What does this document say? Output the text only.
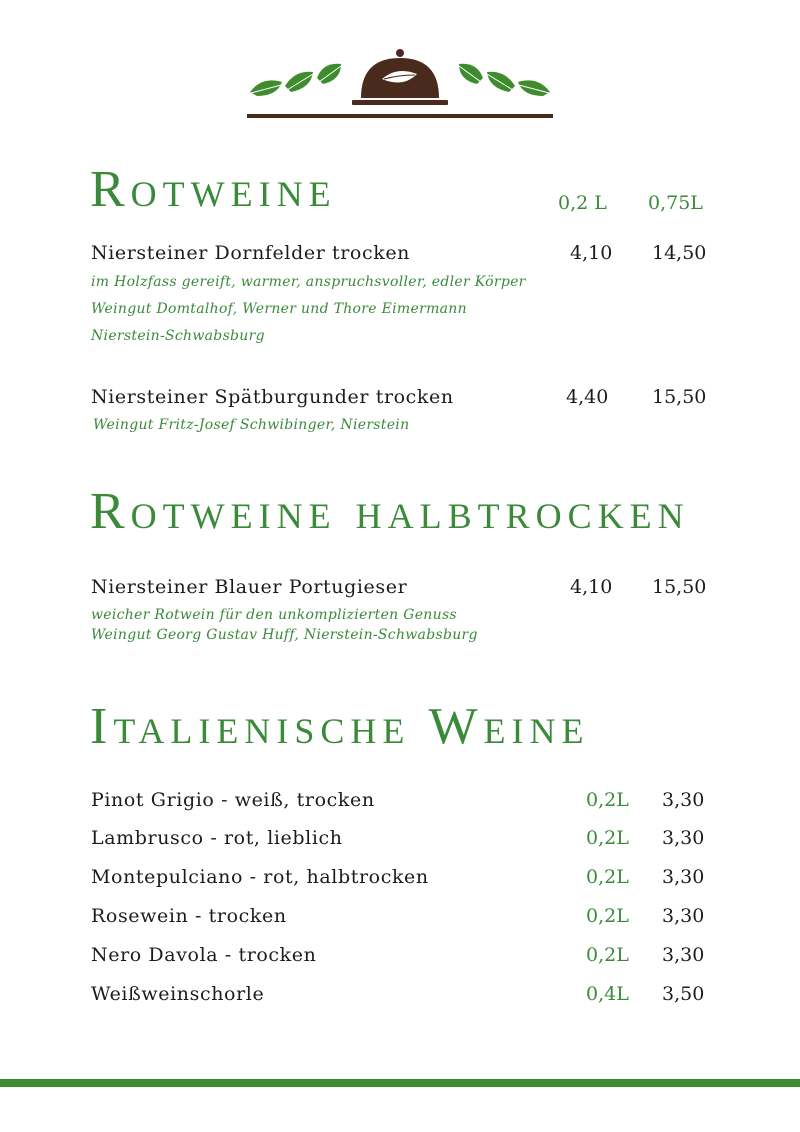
Rotweine	0,2 L 0,75L
Niersteiner Dornfelder trocken	4,10 14,50
im Holzfass gereift, warmer, anspruchsvoller, edler Körper
Weingut Domtalhof, Werner und Thore Eimermann
Nierstein-Schwabsburg
Niersteiner Spätburgunder trocken	4,40 15,50
Weingut Fritz-Josef Schwibinger, Nierstein
Rotweine halbtrocken
Niersteiner Blauer Portugieser	4,10 15,50
weicher Rotwein für den unkomplizierten Genuss
Weingut Georg Gustav Huff, Nierstein-Schwabsburg
Italienische Weine
Pinot Grigio - weiß, trocken	0,2L 3,30
Lambrusco - rot, lieblich	0,2L 3,30
Montepulciano - rot, halbtrocken	0,2L 3,30
Rosewein - trocken	0,2L 3,30
Nero Davola - trocken	0,2L 3,30
Weißweinschorle	0,4L 3,50
